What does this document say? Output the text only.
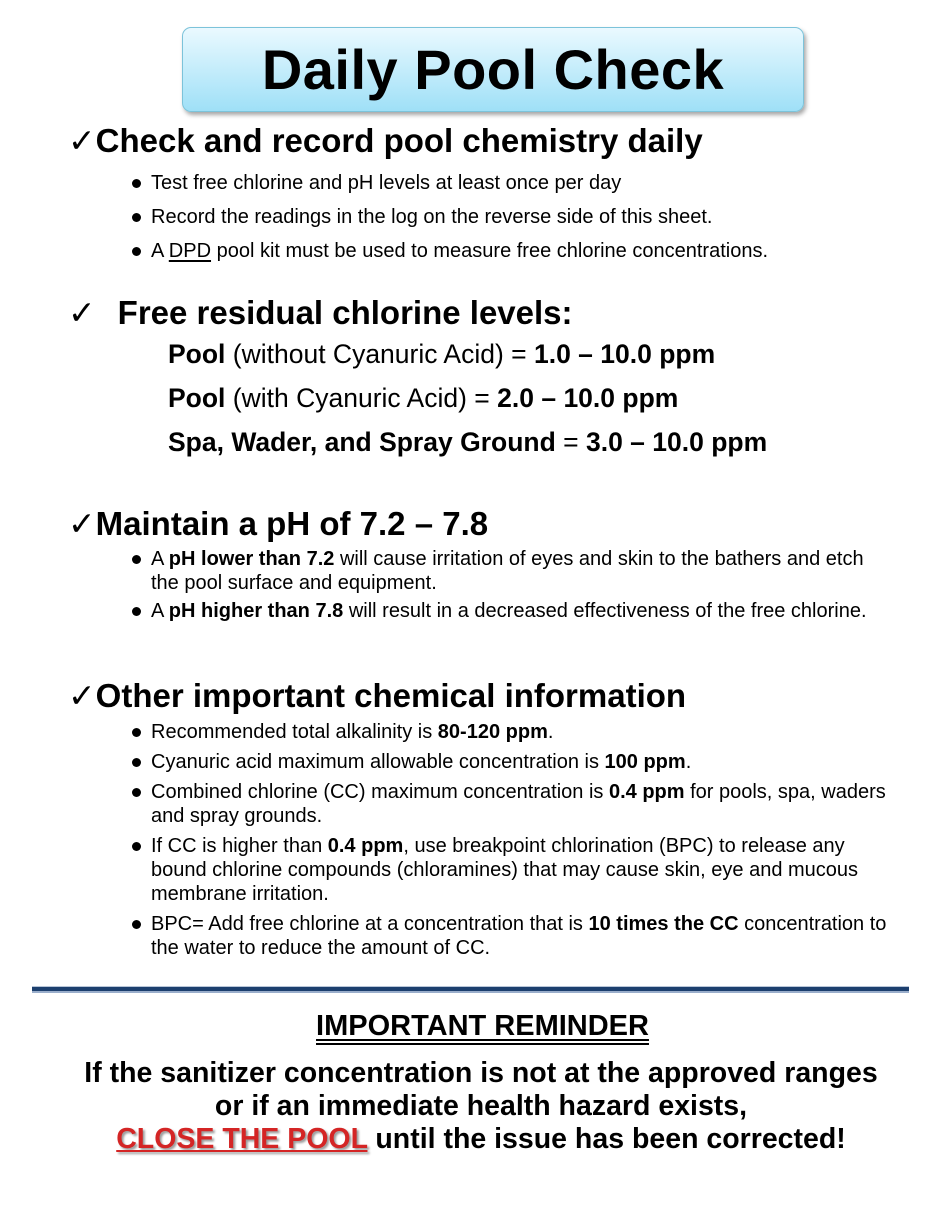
Daily Pool Check
✓Check and record pool chemistry daily
Test free chlorine and pH levels at least once per day
Record the readings in the log on the reverse side of this sheet.
A DPD pool kit must be used to measure free chlorine concentrations.
✓ Free residual chlorine levels:
Pool (without Cyanuric Acid) = 1.0 – 10.0 ppm
Pool (with Cyanuric Acid) = 2.0 – 10.0 ppm
Spa, Wader, and Spray Ground = 3.0 – 10.0 ppm
✓Maintain a pH of 7.2 – 7.8
A pH lower than 7.2 will cause irritation of eyes and skin to the bathers and etch the pool surface and equipment.
A pH higher than 7.8 will result in a decreased effectiveness of the free chlorine.
✓Other important chemical information
Recommended total alkalinity is 80-120 ppm.
Cyanuric acid maximum allowable concentration is 100 ppm.
Combined chlorine (CC) maximum concentration is 0.4 ppm for pools, spa, waders and spray grounds.
If CC is higher than 0.4 ppm, use breakpoint chlorination (BPC) to release any bound chlorine compounds (chloramines) that may cause skin, eye and mucous membrane irritation.
BPC= Add free chlorine at a concentration that is 10 times the CC concentration to the water to reduce the amount of CC.
IMPORTANT REMINDER
If the sanitizer concentration is not at the approved ranges
or if an immediate health hazard exists,
CLOSE THE POOL until the issue has been corrected!
